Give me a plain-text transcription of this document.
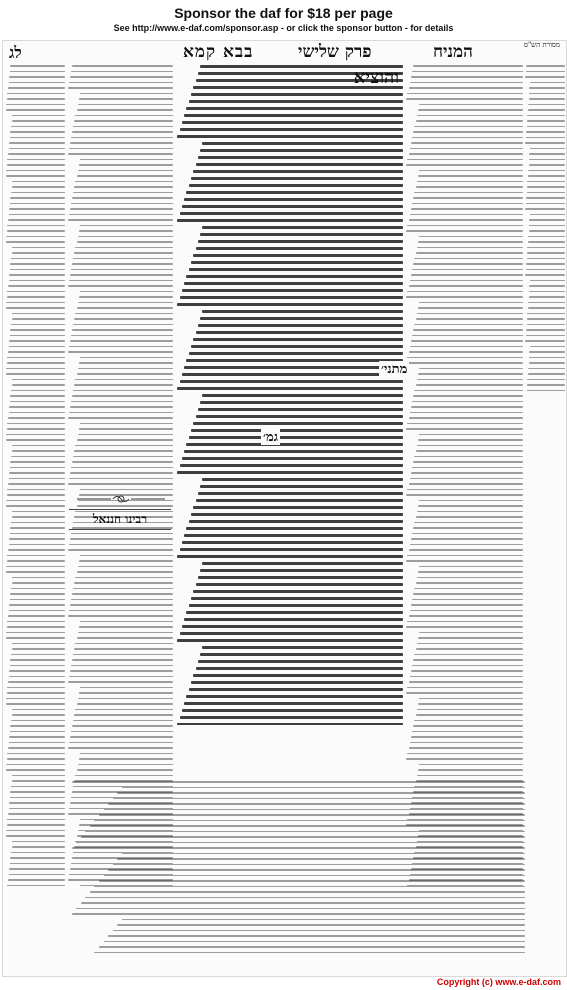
Sponsor the daf for $18 per page
See http://www.e-daf.com/sponsor.asp - or click the sponsor button - for details
לג	בבא קמא	פרק שלישי	המניח	מסורת הש"ס
והוציא
מתני׳
גמ׳
רבינו חננאל
Copyright (c) www.e-daf.com
